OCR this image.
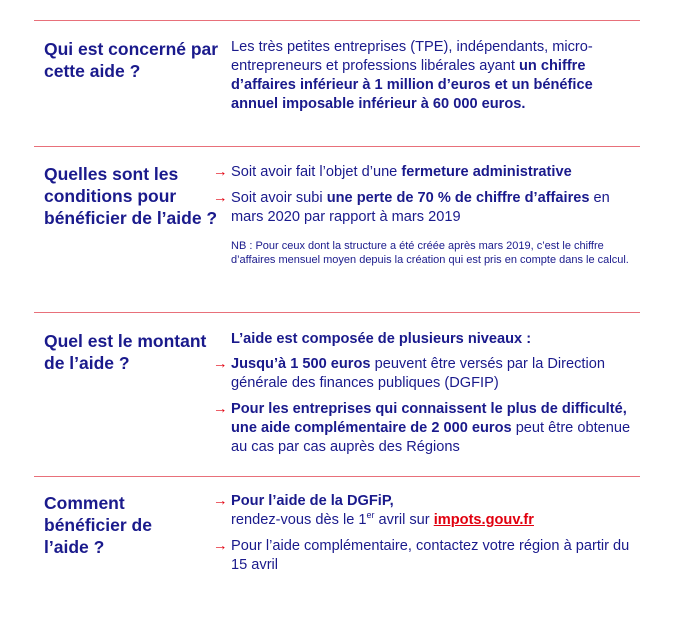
Qui est concerné par cette aide ?

Les très petites entreprises (TPE), indépendants, micro-entrepreneurs et professions libérales ayant un chiffre d’affaires inférieur à 1 million d’euros et un bénéfice annuel imposable inférieur à 60 000 euros.

Quelles sont les conditions pour bénéficier de l’aide ?
→ Soit avoir fait l’objet d’une fermeture administrative
→ Soit avoir subi une perte de 70 % de chiffre d’affaires en mars 2020 par rapport à mars 2019
NB : Pour ceux dont la structure a été créée après mars 2019, c’est le chiffre d’affaires mensuel moyen depuis la création qui est pris en compte dans le calcul.
Quel est le montant de l’aide ?

L’aide est composée de plusieurs niveaux :

→ Jusqu’à 1 500 euros peuvent être versés par la Direction générale des finances publiques (DGFIP)
→ Pour les entreprises qui connaissent le plus de difficulté, une aide complémentaire de 2 000 euros peut être obtenue au cas par cas auprès des Régions
Comment bénéficier de l’aide ?
→ Pour l’aide de la DGFiP,
rendez-vous dès le 1er avril sur impots.gouv.fr
→ Pour l’aide complémentaire, contactez votre région à partir du 15 avril
